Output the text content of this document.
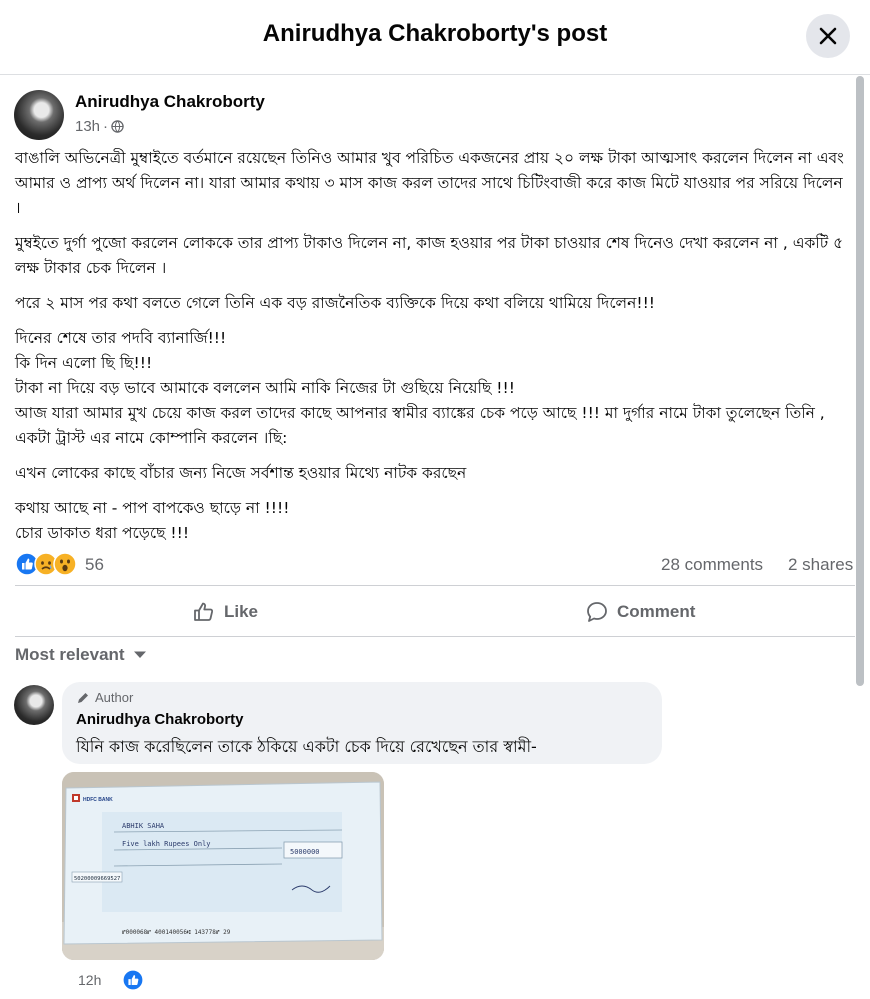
Anirudhya Chakroborty's post
Anirudhya Chakroborty
13h ·

বাঙালি অভিনেত্রী মুম্বাইতে বর্তমানে রয়েছেন তিনিও আমার খুব পরিচিত একজনের প্রায় ২০ লক্ষ টাকা আত্মসাৎ করলেন দিলেন না এবং আমার ও প্রাপ্য অর্থ দিলেন না। যারা আমার কথায় ৩ মাস কাজ করল তাদের সাথে চিটিংবাজী করে কাজ মিটে যাওয়ার পর সরিয়ে দিলেন ।

মুম্বইতে দুর্গা পুজো করলেন লোককে তার প্রাপ্য টাকাও দিলেন না, কাজ হওয়ার পর টাকা চাওয়ার শেষ দিনেও দেখা করলেন না , একটি ৫ লক্ষ টাকার চেক দিলেন ।

পরে ২ মাস পর কথা বলতে গেলে তিনি এক বড় রাজনৈতিক ব্যক্তিকে দিয়ে কথা বলিয়ে থামিয়ে দিলেন!!!

দিনের শেষে তার পদবি ব্যানার্জি!!!
কি দিন এলো ছি ছি!!!
টাকা না দিয়ে বড় ভাবে আমাকে বললেন আমি নাকি নিজের টা গুছিয়ে নিয়েছি !!!
আজ যারা আমার মুখ চেয়ে কাজ করল তাদের কাছে আপনার স্বামীর ব্যাঙ্কের চেক পড়ে আছে !!! মা দুর্গার নামে টাকা তুলেছেন তিনি , একটা ট্রাস্ট এর নামে কোম্পানি করলেন ।ছি:

এখন লোকের কাছে বাঁচার জন্য নিজে সর্বশান্ত হওয়ার মিথ্যে নাটক করছেন

কথায় আছে না - পাপ বাপকেও ছাড়ে না !!!!
চোর ডাকাত ধরা পড়েছে !!!

56	28 comments 2 shares
Like	Comment
Most relevant
Author
Anirudhya Chakroborty
যিনি কাজ করেছিলেন তাকে ঠকিয়ে একটা চেক দিয়ে রেখেছেন তার স্বামী-
HDFC BANK
ABHIK SAHA
Five lakh Rupees Only
5000000
50200009669527
⑈000068⑈ 400140056⑆ 143778⑈ 29
12h
